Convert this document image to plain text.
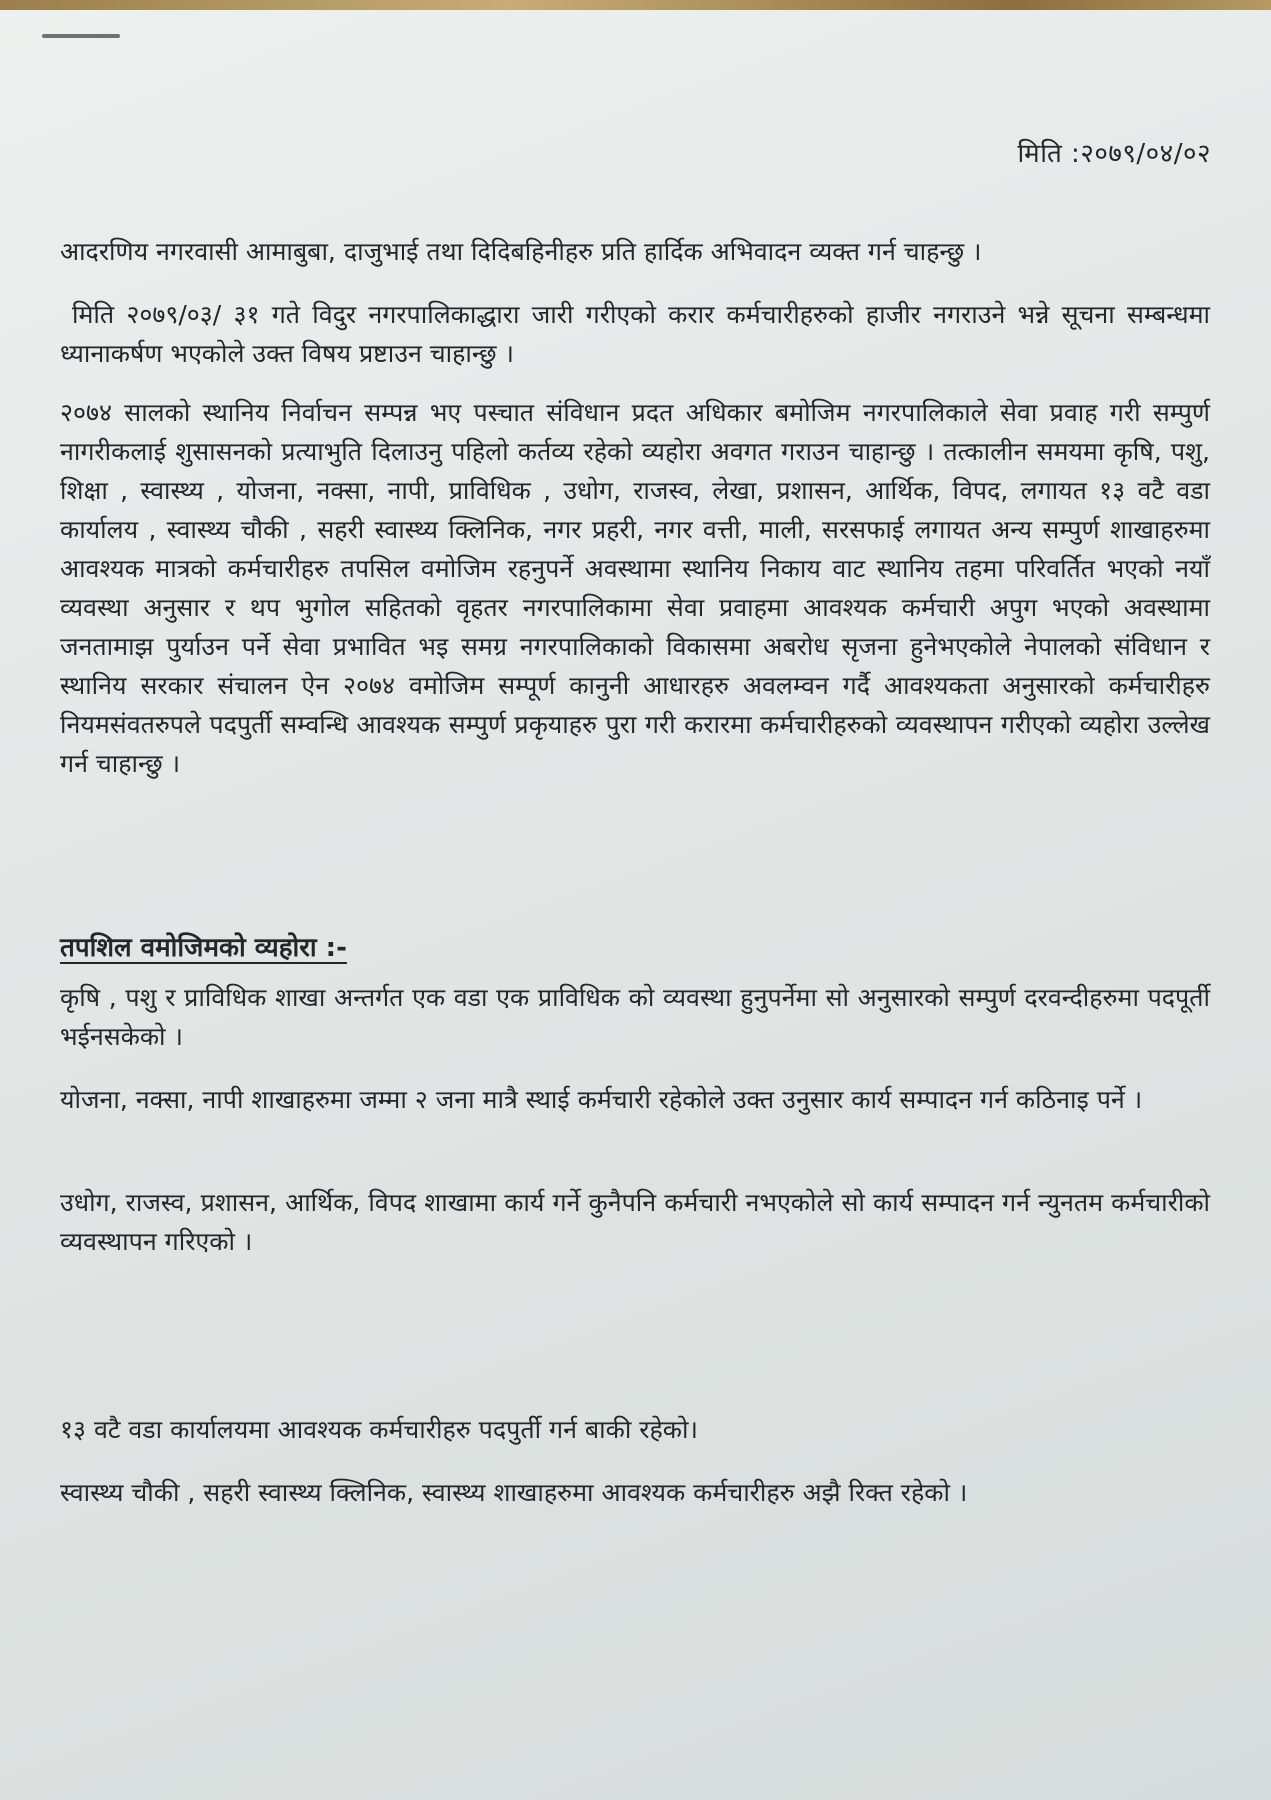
मिति :२०७९/०४/०२

आदरणिय नगरवासी आमाबुबा, दाजुभाई तथा दिदिबहिनीहरु प्रति हार्दिक अभिवादन व्यक्त गर्न चाहन्छु ।

मिति २०७९/०३/ ३१ गते विदुर नगरपालिकाद्धारा जारी गरीएको करार कर्मचारीहरुको हाजीर नगराउने भन्ने सूचना सम्बन्धमा ध्यानाकर्षण भएकोले उक्त विषय प्रष्टाउन चाहान्छु ।

२०७४ सालको स्थानिय निर्वाचन सम्पन्न भए पस्चात संविधान प्रदत अधिकार बमोजिम नगरपालिकाले सेवा प्रवाह गरी सम्पुर्ण नागरीकलाई शुसासनको प्रत्याभुति दिलाउनु पहिलो कर्तव्य रहेको व्यहोरा अवगत गराउन चाहान्छु । तत्कालीन समयमा कृषि, पशु, शिक्षा , स्वास्थ्य , योजना, नक्सा, नापी, प्राविधिक , उधोग, राजस्व, लेखा, प्रशासन, आर्थिक, विपद, लगायत १३ वटै वडा कार्यालय , स्वास्थ्य चौकी , सहरी स्वास्थ्य क्लिनिक, नगर प्रहरी, नगर वत्ती, माली, सरसफाई लगायत अन्य सम्पुर्ण शाखाहरुमा आवश्यक मात्रको कर्मचारीहरु तपसिल वमोजिम रहनुपर्ने अवस्थामा स्थानिय निकाय वाट स्थानिय तहमा परिवर्तित भएको नयाँ व्यवस्था अनुसार र थप भुगोल सहितको वृहतर नगरपालिकामा सेवा प्रवाहमा आवश्यक कर्मचारी अपुग भएको अवस्थामा जनतामाझ पुर्याउन पर्ने सेवा प्रभावित भइ समग्र नगरपालिकाको विकासमा अबरोध सृजना हुनेभएकोले नेपालको संविधान र स्थानिय सरकार संचालन ऐन २०७४ वमोजिम सम्पूर्ण कानुनी आधारहरु अवलम्वन गर्दै आवश्यकता अनुसारको कर्मचारीहरु नियमसंवतरुपले पदपुर्ती सम्वन्धि आवश्यक सम्पुर्ण प्रकृयाहरु पुरा गरी करारमा कर्मचारीहरुको व्यवस्थापन गरीएको व्यहोरा उल्लेख गर्न चाहान्छु ।

तपशिल वमोजिमको व्यहोरा :-

कृषि , पशु र प्राविधिक शाखा अन्तर्गत एक वडा एक प्राविधिक को व्यवस्था हुनुपर्नेमा सो अनुसारको सम्पुर्ण दरवन्दीहरुमा पदपूर्ती भईनसकेको ।

योजना, नक्सा, नापी शाखाहरुमा जम्मा २ जना मात्रै स्थाई कर्मचारी रहेकोले उक्त उनुसार कार्य सम्पादन गर्न कठिनाइ पर्ने ।

उधोग, राजस्व, प्रशासन, आर्थिक, विपद शाखामा कार्य गर्ने कुनैपनि कर्मचारी नभएकोले सो कार्य सम्पादन गर्न न्युनतम कर्मचारीको व्यवस्थापन गरिएको ।

१३ वटै वडा कार्यालयमा आवश्यक कर्मचारीहरु पदपुर्ती गर्न बाकी रहेको।

स्वास्थ्य चौकी , सहरी स्वास्थ्य क्लिनिक, स्वास्थ्य शाखाहरुमा आवश्यक कर्मचारीहरु अझै रिक्त रहेको ।
